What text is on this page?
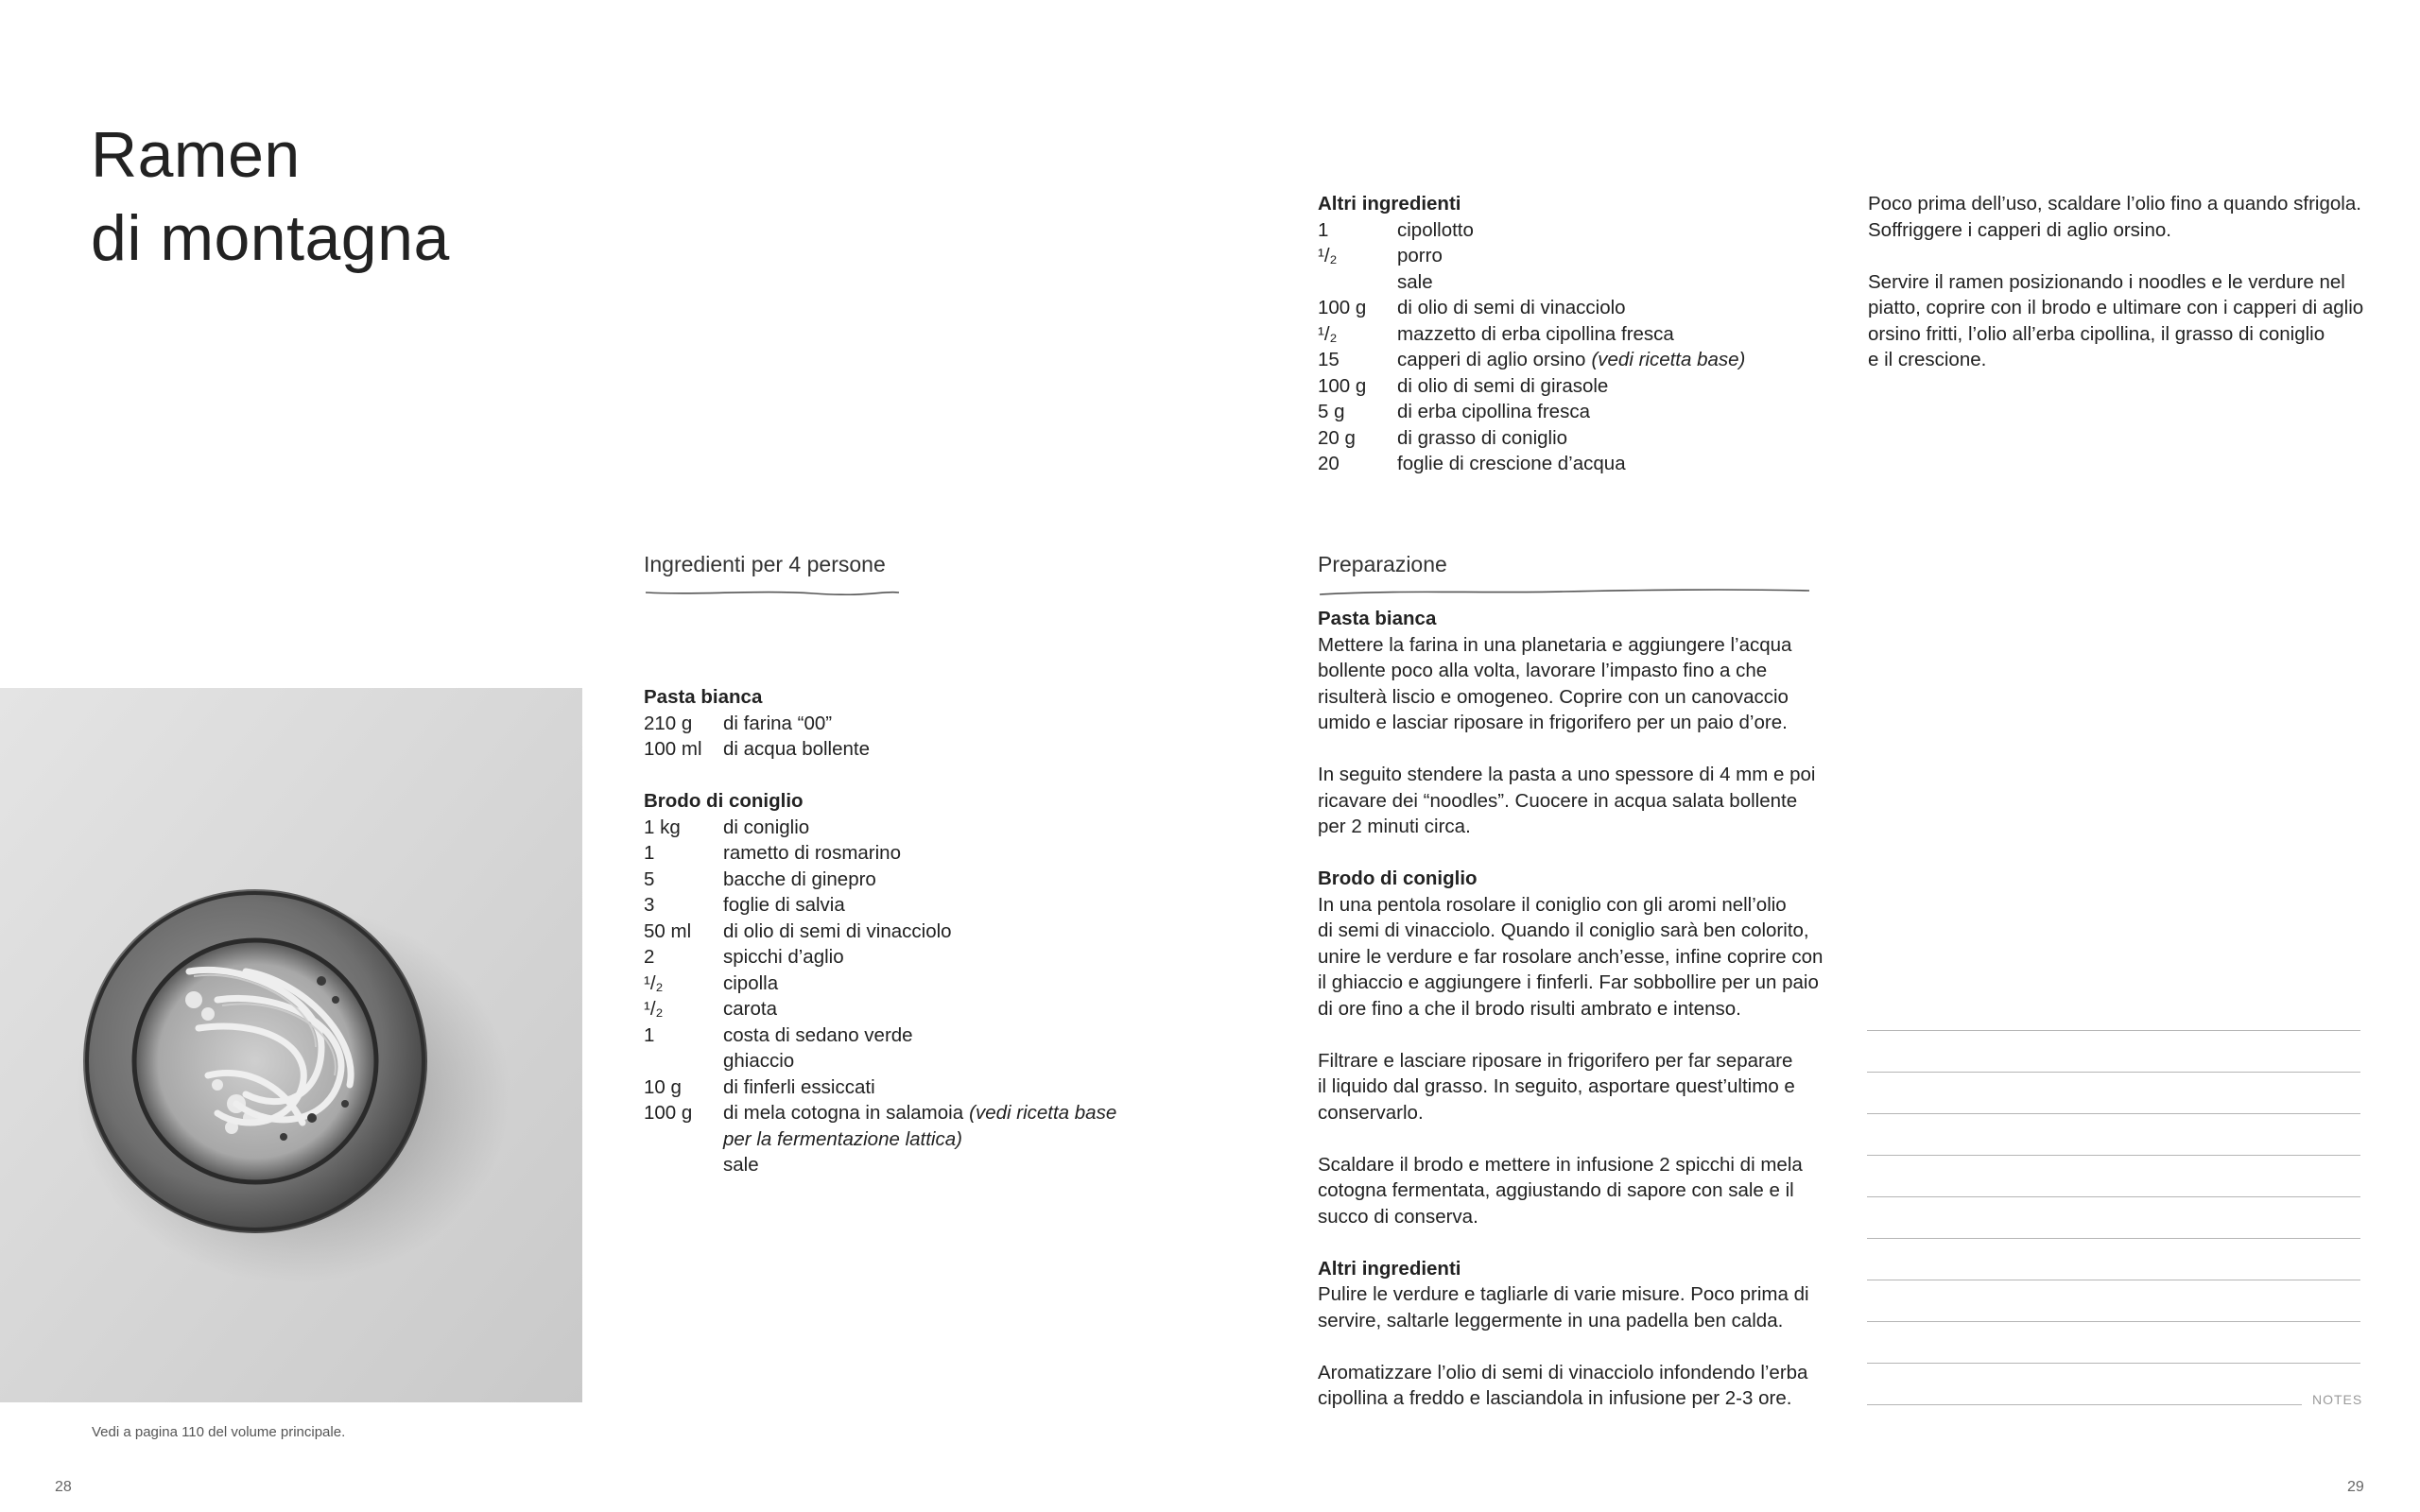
Ramen
di montagna	Altri ingredienti
1	cipollotto
¹/₂	porro
sale
100 g	di olio di semi di vinacciolo
¹/₂	mazzetto di erba cipollina fresca
15	capperi di aglio orsino (vedi ricetta base)
100 g	di olio di semi di girasole
5 g	di erba cipollina fresca
20 g	di grasso di coniglio
20	foglie di crescione d’acqua
Poco prima dell’uso, scaldare l’olio fino a quando sfrigola.
Soffriggere i capperi di aglio orsino.
Servire il ramen posizionando i noodles e le verdure nel
piatto, coprire con il brodo e ultimare con i capperi di aglio
orsino fritti, l’olio all’erba cipollina, il grasso di coniglio
e il crescione.
Ingredienti per 4 persone	Preparazione
Pasta bianca
210 g	di farina “00”
100 ml	di acqua bollente
Brodo di coniglio
1 kg	di coniglio
1	rametto di rosmarino
5	bacche di ginepro
3	foglie di salvia
50 ml	di olio di semi di vinacciolo
2	spicchi d’aglio
¹/₂	cipolla
¹/₂	carota
1	costa di sedano verde
ghiaccio
10 g	di finferli essiccati
100 g	di mela cotogna in salamoia (vedi ricetta base
per la fermentazione lattica)
sale
Pasta bianca
Mettere la farina in una planetaria e aggiungere l’acqua
bollente poco alla volta, lavorare l’impasto fino a che
risulterà liscio e omogeneo. Coprire con un canovaccio
umido e lasciar riposare in frigorifero per un paio d’ore.
In seguito stendere la pasta a uno spessore di 4 mm e poi
ricavare dei “noodles”. Cuocere in acqua salata bollente
per 2 minuti circa.
Brodo di coniglio
In una pentola rosolare il coniglio con gli aromi nell’olio
di semi di vinacciolo. Quando il coniglio sarà ben colorito,
unire le verdure e far rosolare anch’esse, infine coprire con
il ghiaccio e aggiungere i finferli. Far sobbollire per un paio
di ore fino a che il brodo risulti ambrato e intenso.
Filtrare e lasciare riposare in frigorifero per far separare
il liquido dal grasso. In seguito, asportare quest’ultimo e
conservarlo.
Scaldare il brodo e mettere in infusione 2 spicchi di mela
cotogna fermentata, aggiustando di sapore con sale e il
succo di conserva.
Altri ingredienti
Pulire le verdure e tagliarle di varie misure. Poco prima di
servire, saltarle leggermente in una padella ben calda.
Aromatizzare l’olio di semi di vinacciolo infondendo l’erba
cipollina a freddo e lasciandola in infusione per 2-3 ore.
Vedi a pagina 110 del volume principale.
NOTES
28	29
